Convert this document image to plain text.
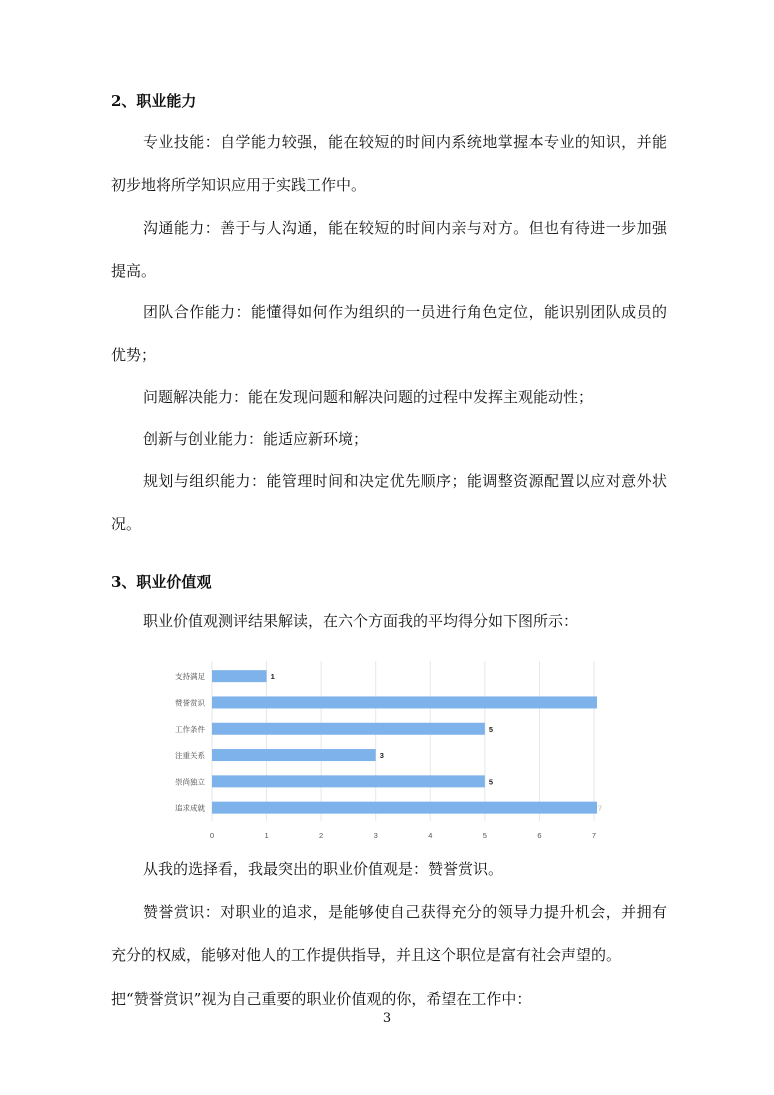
2、职业能力
专业技能：自学能力较强，能在较短的时间内系统地掌握本专业的知识，并能初步地将所学知识应用于实践工作中。
沟通能力：善于与人沟通，能在较短的时间内亲与对方。但也有待进一步加强提高。
团队合作能力：能懂得如何作为组织的一员进行角色定位，能识别团队成员的优势；
问题解决能力：能在发现问题和解决问题的过程中发挥主观能动性；
创新与创业能力：能适应新环境；
规划与组织能力：能管理时间和决定优先顺序；能调整资源配置以应对意外状况。
3、职业价值观
职业价值观测评结果解读，在六个方面我的平均得分如下图所示：
0	1	2	3	4	5	6	7
支持满足	1
赞誉赏识
工作条件	5
注重关系	3
崇尚独立	5
追求成就	7
从我的选择看，我最突出的职业价值观是：赞誉赏识。
赞誉赏识：对职业的追求，是能够使自己获得充分的领导力提升机会，并拥有充分的权威，能够对他人的工作提供指导，并且这个职位是富有社会声望的。
把“赞誉赏识”视为自己重要的职业价值观的你，希望在工作中：
3
